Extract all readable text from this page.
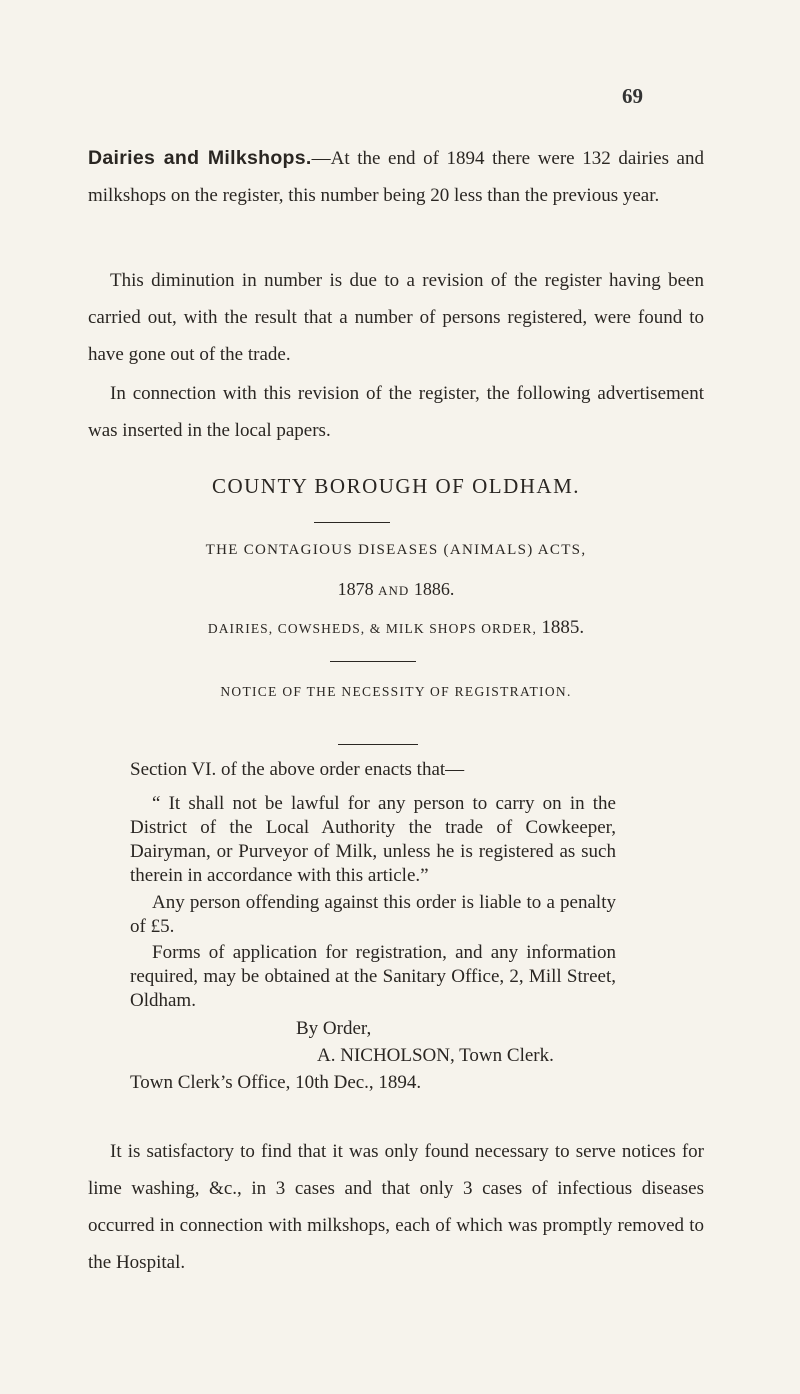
69

Dairies and Milkshops.—At the end of 1894 there were 132 dairies and milkshops on the register, this number being 20 less than the previous year.

This diminution in number is due to a revision of the register having been carried out, with the result that a number of persons registered, were found to have gone out of the trade.

In connection with this revision of the register, the following advertisement was inserted in the local papers.

COUNTY BOROUGH OF OLDHAM.

THE CONTAGIOUS DISEASES (ANIMALS) ACTS,

1878 AND 1886.

DAIRIES, COWSHEDS, & MILK SHOPS ORDER, 1885.

NOTICE OF THE NECESSITY OF REGISTRATION.

Section VI. of the above order enacts that—

“ It shall not be lawful for any person to carry on in the District of the Local Authority the trade of Cowkeeper, Dairyman, or Purveyor of Milk, unless he is registered as such therein in accordance with this article.”

Any person offending against this order is liable to a penalty of £5.

Forms of application for registration, and any information required, may be obtained at the Sanitary Office, 2, Mill Street, Oldham.

By Order,

A. NICHOLSON, Town Clerk.

Town Clerk’s Office, 10th Dec., 1894.

It is satisfactory to find that it was only found necessary to serve notices for lime washing, &c., in 3 cases and that only 3 cases of infectious diseases occurred in connection with milkshops, each of which was promptly removed to the Hospital.
